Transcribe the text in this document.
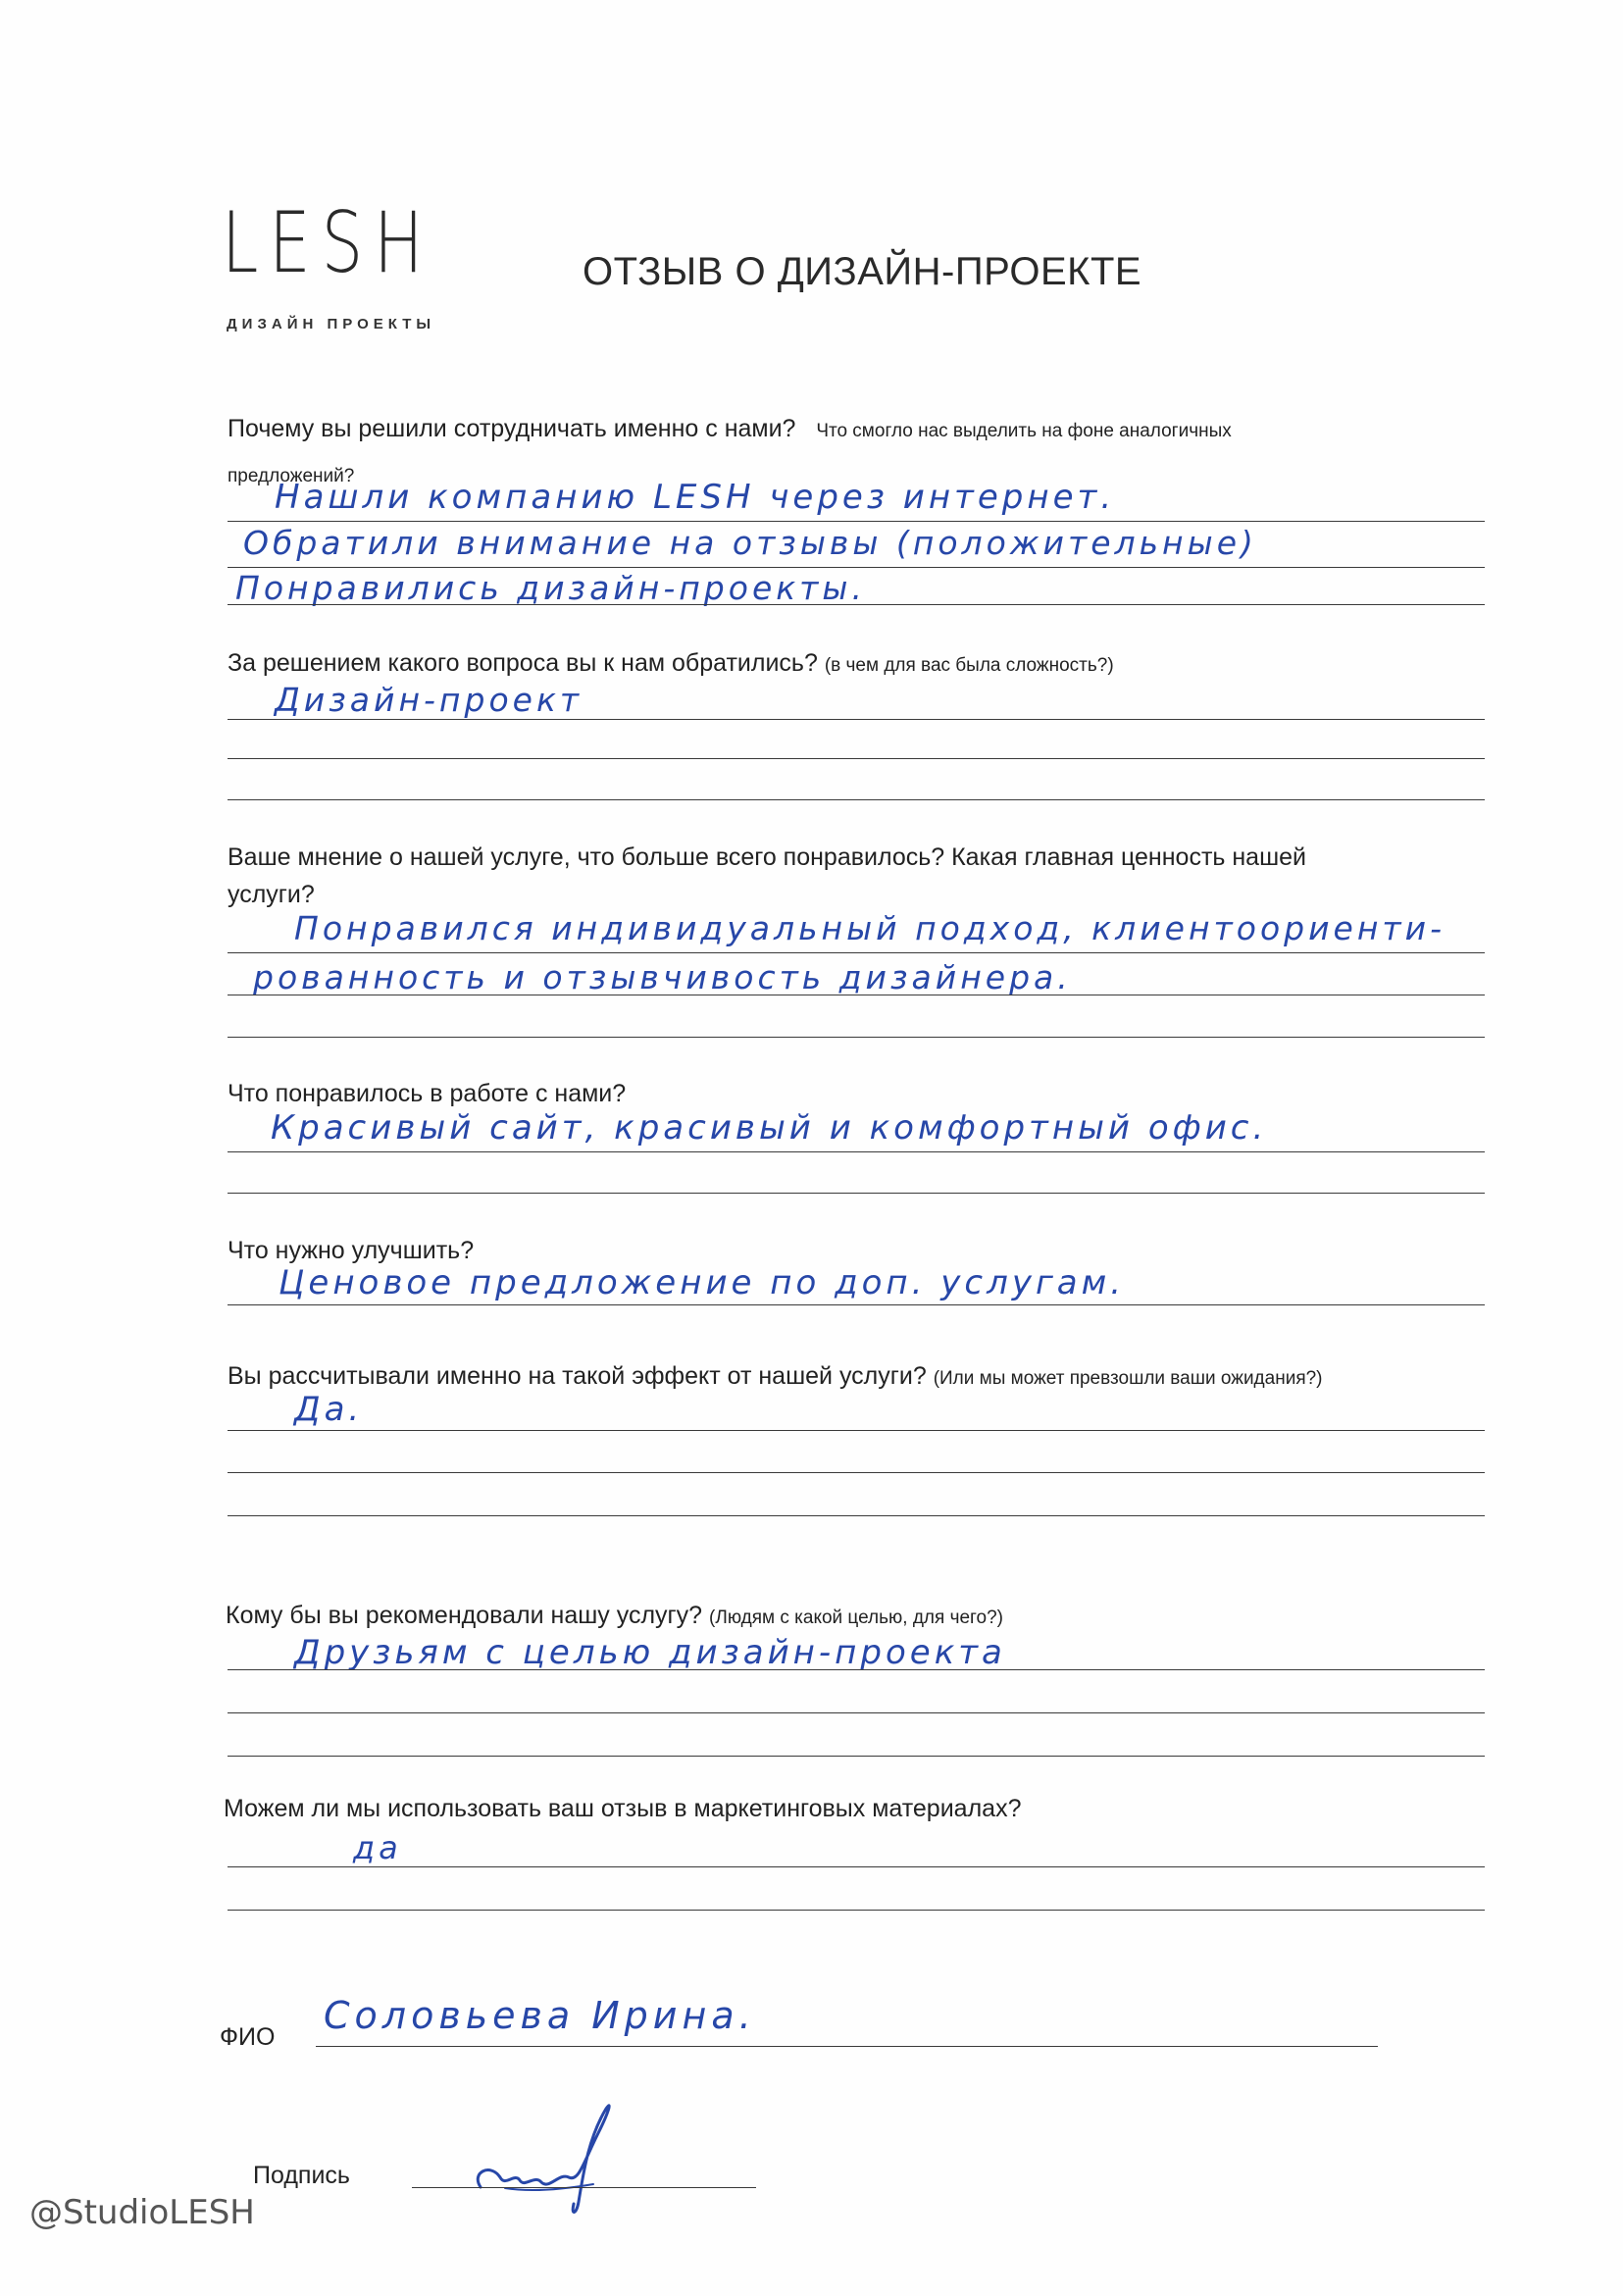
LESH
ДИЗАЙН ПРОЕКТЫ
ОТЗЫВ О ДИЗАЙН-ПРОЕКТЕ
Почему вы решили сотрудничать именно с нами? Что смогло нас выделить на фоне аналогичных
предложений?
Нашли компанию LESH через интернет.
Обратили внимание на отзывы (положительные)
Понравились дизайн-проекты.
За решением какого вопроса вы к нам обратились? (в чем для вас была сложность?)
Дизайн-проект
Ваше мнение о нашей услуге, что больше всего понравилось? Какая главная ценность нашей
услуги?
Понравился индивидуальный подход, клиентоориенти-
рованность и отзывчивость дизайнера.
Что понравилось в работе с нами?
Красивый сайт, красивый и комфортный офис.
Что нужно улучшить?
Ценовое предложение по доп. услугам.
Вы рассчитывали именно на такой эффект от нашей услуги? (Или мы может превзошли ваши ожидания?)
Да.
Кому бы вы рекомендовали нашу услугу? (Людям с какой целью, для чего?)
Друзьям с целью дизайн-проекта
Можем ли мы использовать ваш отзыв в маркетинговых материалах?
да
ФИО Соловьева Ирина.
Подпись
@StudioLESH
